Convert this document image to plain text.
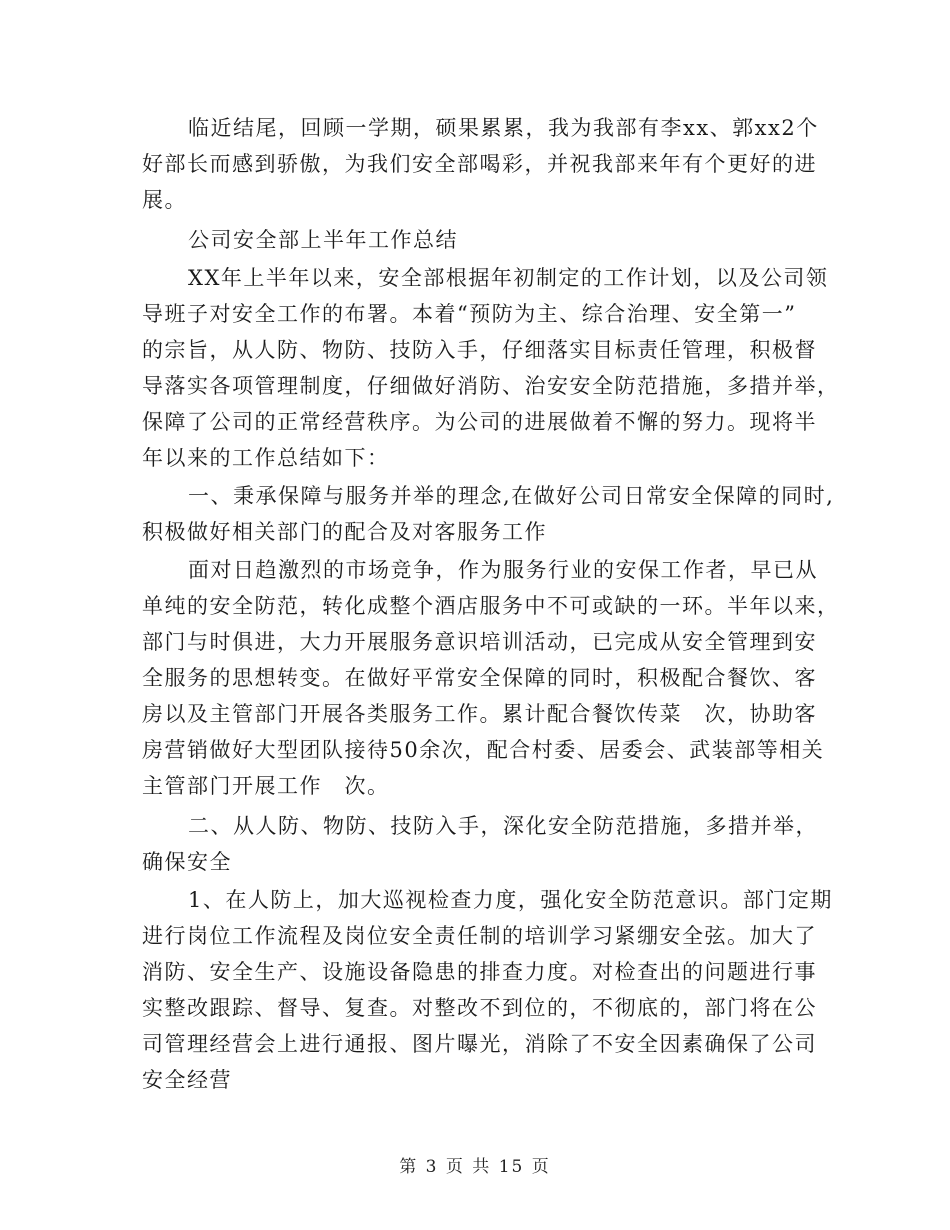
临近结尾，回顾一学期，硕果累累，我为我部有李xx、郭xx2个
好部长而感到骄傲，为我们安全部喝彩，并祝我部来年有个更好的进
展。
公司安全部上半年工作总结
XX年上半年以来，安全部根据年初制定的工作计划，以及公司领
导班子对安全工作的布署。本着“预防为主、综合治理、安全第一”
的宗旨，从人防、物防、技防入手，仔细落实目标责任管理，积极督
导落实各项管理制度，仔细做好消防、治安安全防范措施，多措并举，
保障了公司的正常经营秩序。为公司的进展做着不懈的努力。现将半
年以来的工作总结如下：
一、秉承保障与服务并举的理念,在做好公司日常安全保障的同时,
积极做好相关部门的配合及对客服务工作
面对日趋激烈的市场竞争，作为服务行业的安保工作者，早已从
单纯的安全防范，转化成整个酒店服务中不可或缺的一环。半年以来，
部门与时俱进，大力开展服务意识培训活动，已完成从安全管理到安
全服务的思想转变。在做好平常安全保障的同时，积极配合餐饮、客
房以及主管部门开展各类服务工作。累计配合餐饮传菜　次，协助客
房营销做好大型团队接待50余次，配合村委、居委会、武装部等相关
主管部门开展工作　次。
二、从人防、物防、技防入手，深化安全防范措施，多措并举，
确保安全
1、在人防上，加大巡视检查力度，强化安全防范意识。部门定期
进行岗位工作流程及岗位安全责任制的培训学习紧绷安全弦。加大了
消防、安全生产、设施设备隐患的排查力度。对检查出的问题进行事
实整改跟踪、督导、复查。对整改不到位的，不彻底的，部门将在公
司管理经营会上进行通报、图片曝光，消除了不安全因素确保了公司
安全经营
第 3 页 共 15 页
